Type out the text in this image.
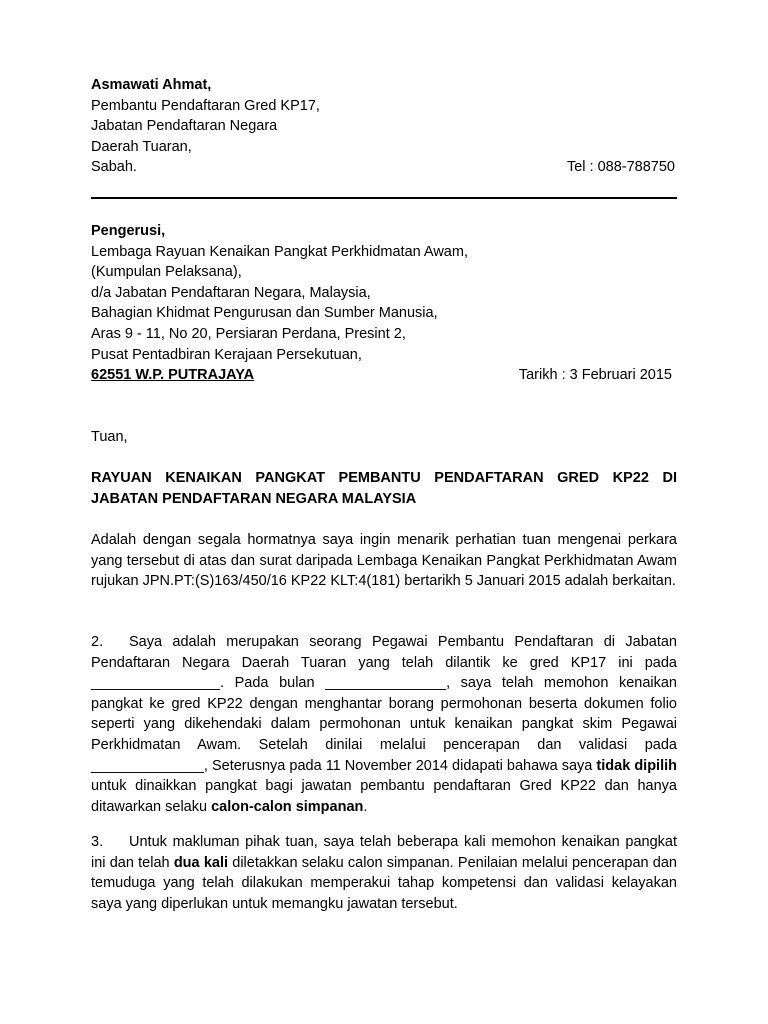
Asmawati Ahmat,
Pembantu Pendaftaran Gred KP17,
Jabatan Pendaftaran Negara
Daerah Tuaran,
Sabah.	Tel : 088-788750
Pengerusi,
Lembaga Rayuan Kenaikan Pangkat Perkhidmatan Awam,
(Kumpulan Pelaksana),
d/a Jabatan Pendaftaran Negara, Malaysia,
Bahagian Khidmat Pengurusan dan Sumber Manusia,
Aras 9 - 11, No 20, Persiaran Perdana, Presint 2,
Pusat Pentadbiran Kerajaan Persekutuan,
62551 W.P. PUTRAJAYA	Tarikh : 3 Februari 2015
Tuan,
RAYUAN KENAIKAN PANGKAT PEMBANTU PENDAFTARAN GRED KP22 DI
JABATAN PENDAFTARAN NEGARA MALAYSIA
Adalah dengan segala hormatnya saya ingin menarik perhatian tuan mengenai perkara yang tersebut di atas dan surat daripada Lembaga Kenaikan Pangkat Perkhidmatan Awam rujukan JPN.PT:(S)163/450/16 KP22 KLT:4(181) bertarikh 5 Januari 2015 adalah berkaitan.
2. Saya adalah merupakan seorang Pegawai Pembantu Pendaftaran di Jabatan Pendaftaran Negara Daerah Tuaran yang telah dilantik ke gred KP17 ini pada ________________. Pada bulan _______________, saya telah memohon kenaikan pangkat ke gred KP22 dengan menghantar borang permohonan beserta dokumen folio seperti yang dikehendaki dalam permohonan untuk kenaikan pangkat skim Pegawai Perkhidmatan Awam. Setelah dinilai melalui pencerapan dan validasi pada ______________, Seterusnya pada 11 November 2014 didapati bahawa saya tidak dipilih untuk dinaikkan pangkat bagi jawatan pembantu pendaftaran Gred KP22 dan hanya ditawarkan selaku calon-calon simpanan.
3. Untuk makluman pihak tuan, saya telah beberapa kali memohon kenaikan pangkat ini dan telah dua kali diletakkan selaku calon simpanan. Penilaian melalui pencerapan dan temuduga yang telah dilakukan memperakui tahap kompetensi dan validasi kelayakan saya yang diperlukan untuk memangku jawatan tersebut.
